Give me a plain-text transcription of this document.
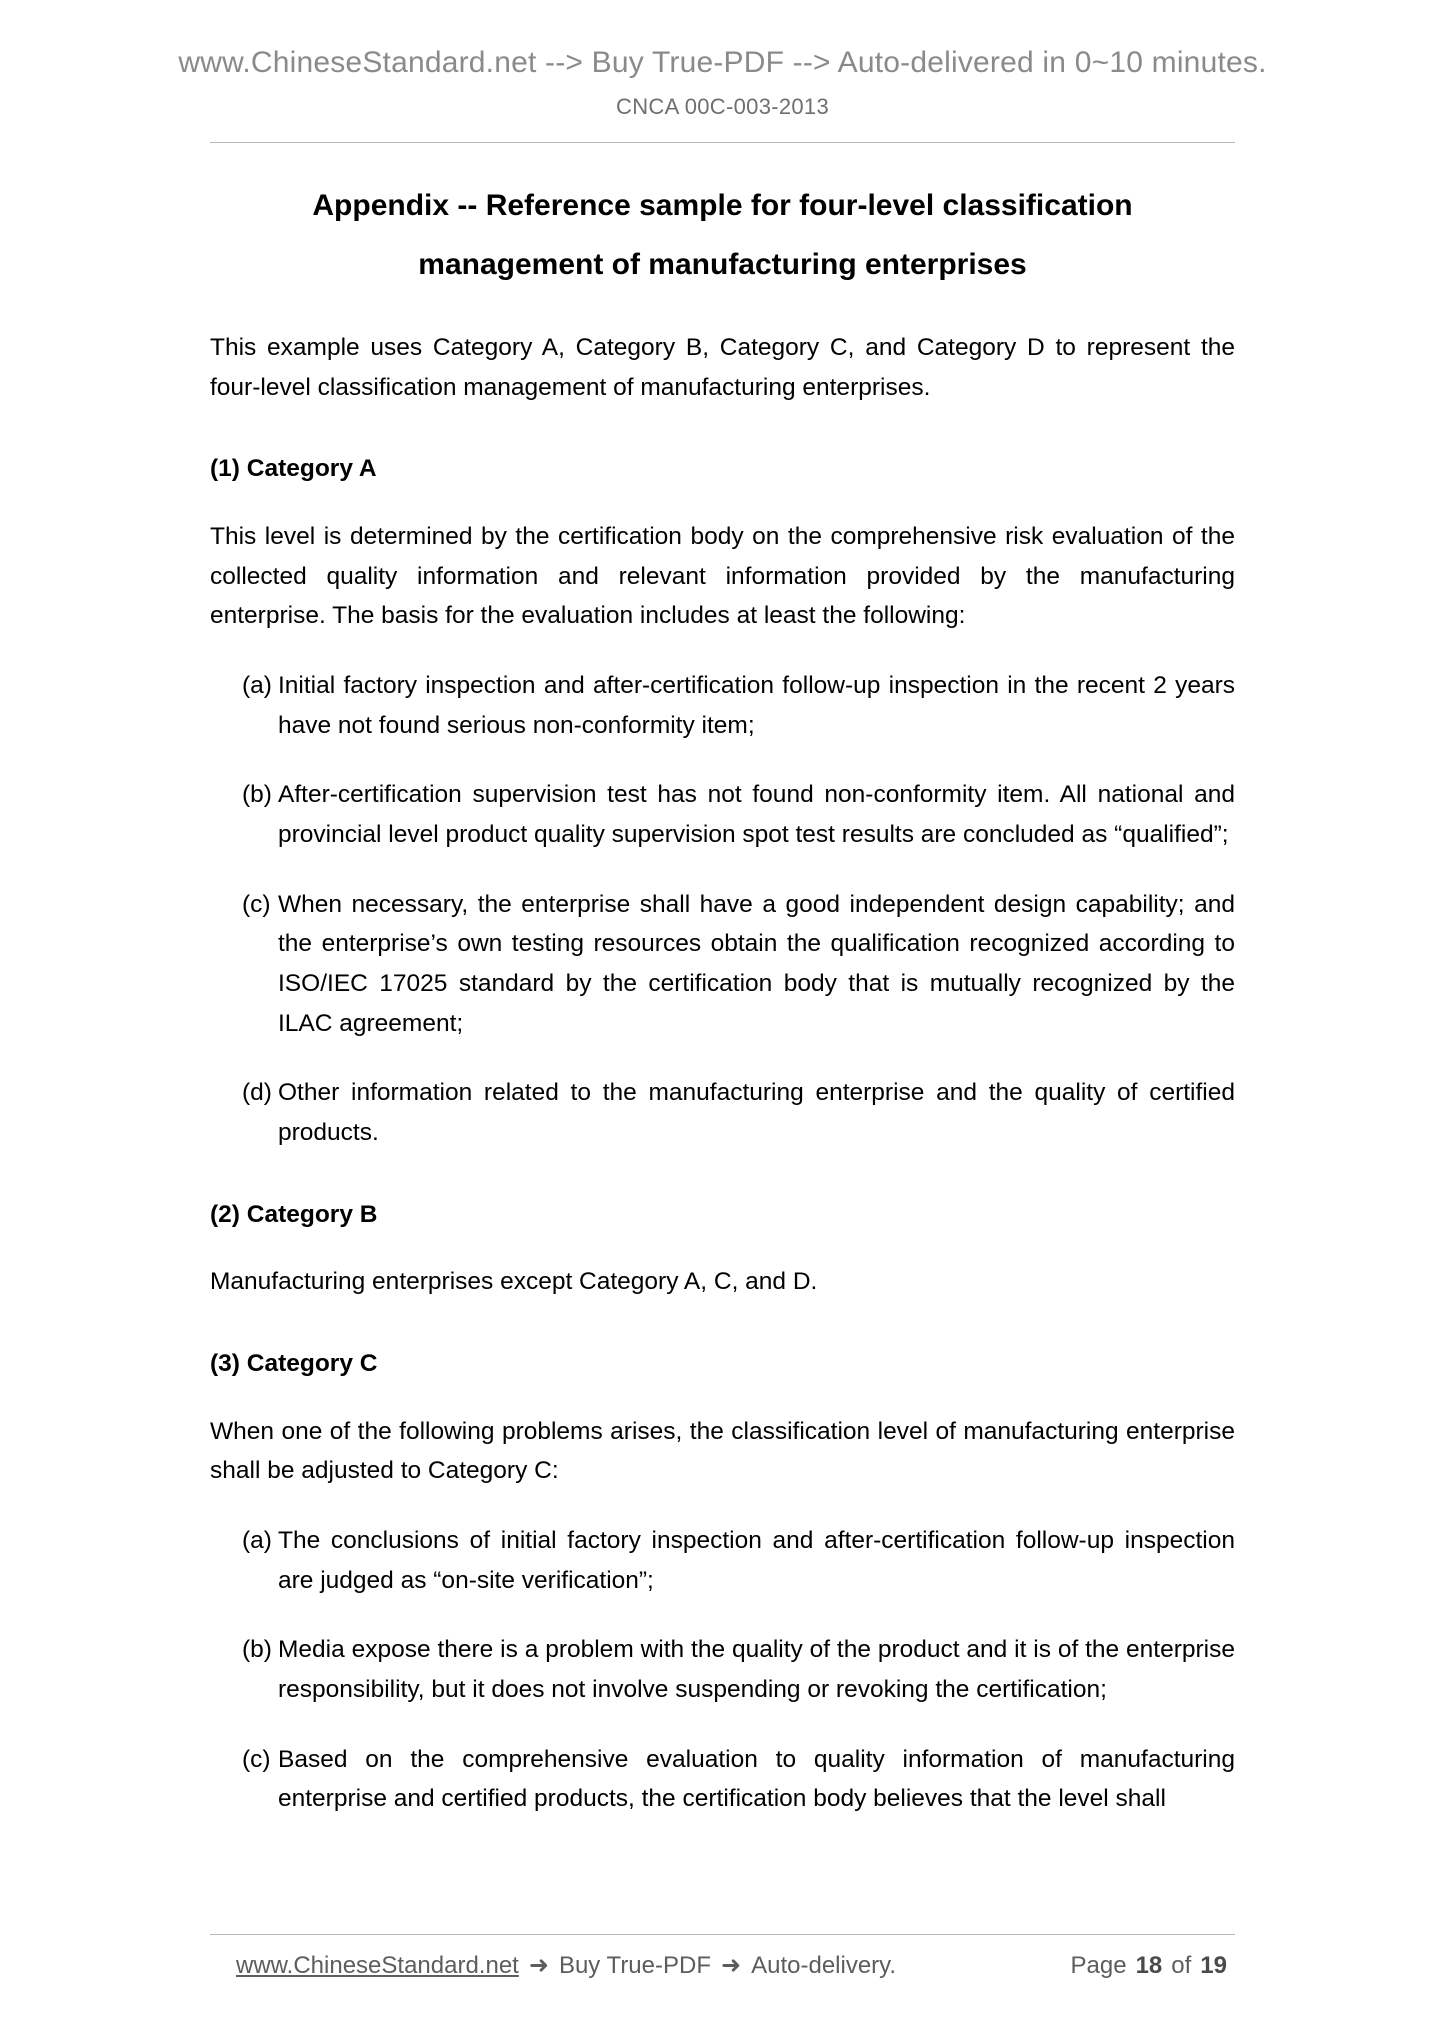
www.ChineseStandard.net --> Buy True-PDF --> Auto-delivered in 0~10 minutes.
CNCA 00C-003-2013
Appendix -- Reference sample for four-level classification
management of manufacturing enterprises

This example uses Category A, Category B, Category C, and Category D to represent the four-level classification management of manufacturing enterprises.

(1) Category A

This level is determined by the certification body on the comprehensive risk evaluation of the collected quality information and relevant information provided by the manufacturing enterprise. The basis for the evaluation includes at least the following:

(a) Initial factory inspection and after-certification follow-up inspection in the recent 2 years have not found serious non-conformity item;
(b) After-certification supervision test has not found non-conformity item. All national and provincial level product quality supervision spot test results are concluded as “qualified”;
(c) When necessary, the enterprise shall have a good independent design capability; and the enterprise’s own testing resources obtain the qualification recognized according to ISO/IEC 17025 standard by the certification body that is mutually recognized by the ILAC agreement;
(d) Other information related to the manufacturing enterprise and the quality of certified products.
(2) Category B

Manufacturing enterprises except Category A, C, and D.

(3) Category C

When one of the following problems arises, the classification level of manufacturing enterprise shall be adjusted to Category C:

(a) The conclusions of initial factory inspection and after-certification follow-up inspection are judged as “on-site verification”;
(b) Media expose there is a problem with the quality of the product and it is of the enterprise responsibility, but it does not involve suspending or revoking the certification;
(c) Based on the comprehensive evaluation to quality information of manufacturing enterprise and certified products, the certification body believes that the level shall
www.ChineseStandard.net ➜ Buy True-PDF ➜ Auto-delivery.	Page 18 of 19
